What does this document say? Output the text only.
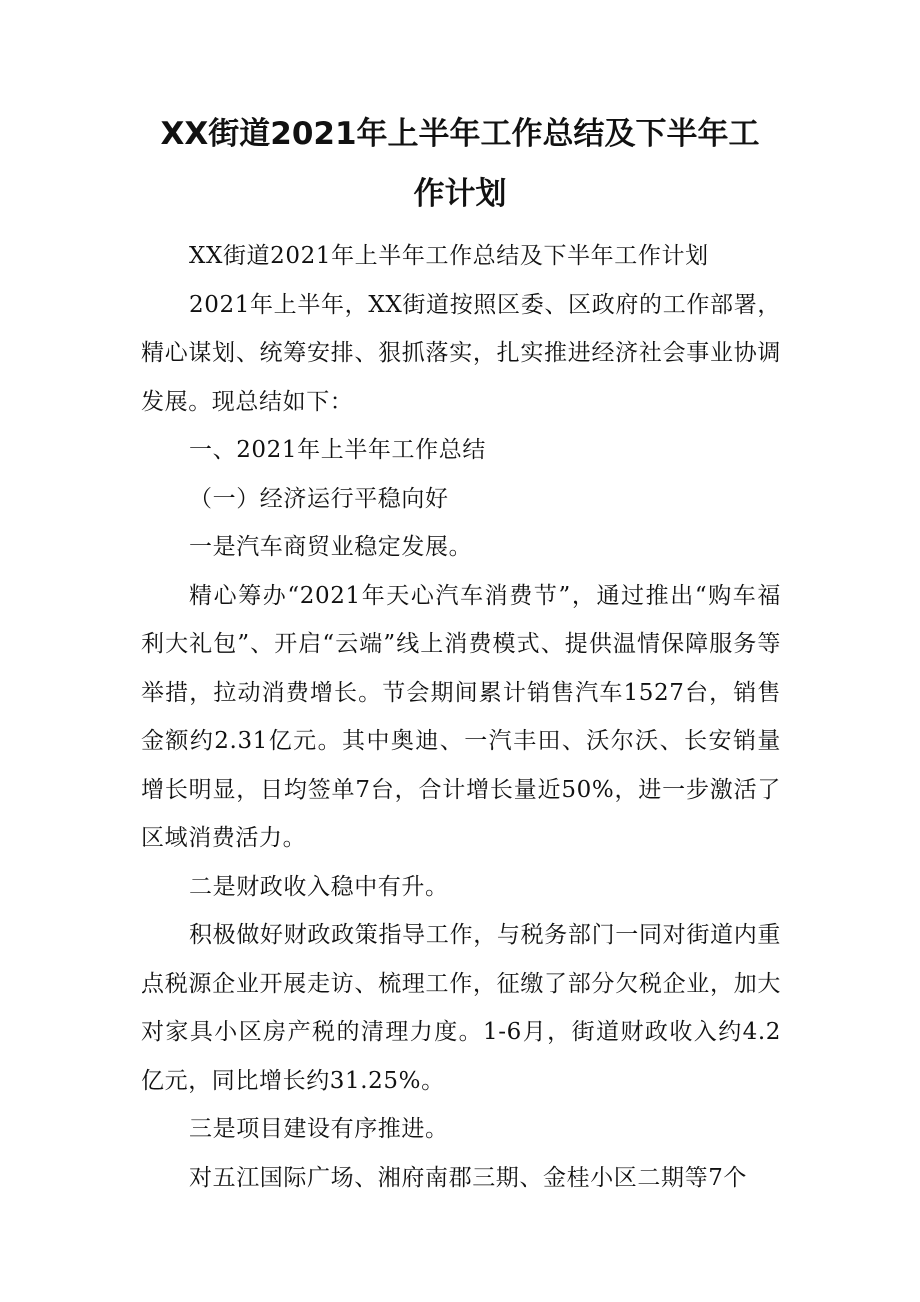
XX街道2021年上半年工作总结及下半年工
作计划

XX街道2021年上半年工作总结及下半年工作计划

2021年上半年，XX街道按照区委、区政府的工作部署，精心谋划、统筹安排、狠抓落实，扎实推进经济社会事业协调发展。现总结如下：

一、2021年上半年工作总结

（一）经济运行平稳向好

一是汽车商贸业稳定发展。

精心筹办“2021年天心汽车消费节”，通过推出“购车福利大礼包”、开启“云端”线上消费模式、提供温情保障服务等举措，拉动消费增长。节会期间累计销售汽车1527台，销售金额约2.31亿元。其中奥迪、一汽丰田、沃尔沃、长安销量增长明显，日均签单7台，合计增长量近50%，进一步激活了区域消费活力。

二是财政收入稳中有升。

积极做好财政政策指导工作，与税务部门一同对街道内重点税源企业开展走访、梳理工作，征缴了部分欠税企业，加大对家具小区房产税的清理力度。1-6月，街道财政收入约4.2亿元，同比增长约31.25%。

三是项目建设有序推进。

对五江国际广场、湘府南郡三期、金桂小区二期等7个
